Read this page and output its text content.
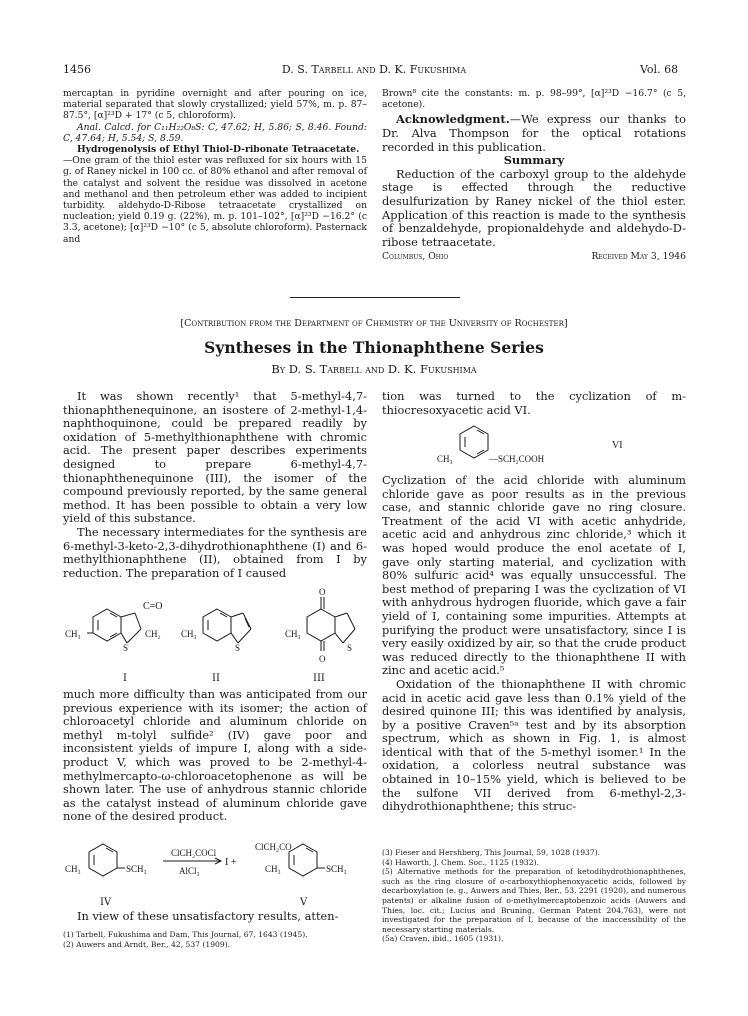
1456	D. S. Tarbell and D. K. Fukushima	Vol. 68

mercaptan in pyridine overnight and after pouring on ice, material separated that slowly crystallized; yield 57%, m. p. 87–87.5°, [α]²³D + 17° (c 5, chloroform).

Anal. Calcd. for C₁₁H₂₂O₈S: C, 47.62; H, 5.86; S, 8.46. Found: C, 47.64; H, 5.54; S, 8.59.

Hydrogenolysis of Ethyl Thiol-D-ribonate Tetraacetate.

—One gram of the thiol ester was refluxed for six hours with 15 g. of Raney nickel in 100 cc. of 80% ethanol and after removal of the catalyst and solvent the residue was dissolved in acetone and methanol and then petroleum ether was added to incipient turbidity. aldehydo-D-Ribose tetraacetate crystallized on nucleation; yield 0.19 g. (22%), m. p. 101–102°, [α]²³D −16.2° (c 3.3, acetone); [α]²³D −10° (c 5, absolute chloroform). Pasternack and

Brown⁸ cite the constants: m. p. 98–99°, [α]²³D −16.7° (c 5, acetone).

Acknowledgment.—We express our thanks to Dr. Alva Thompson for the optical rotations recorded in this publication.

Summary

Reduction of the carboxyl group to the aldehyde stage is effected through the reductive desulfurization by Raney nickel of the thiol ester. Application of this reaction is made to the synthesis of benzaldehyde, propionaldehyde and aldehydo-D-ribose tetraacetate.

Columbus, Ohio	Received May 3, 1946
[Contribution from the Department of Chemistry of the University of Rochester]
Syntheses in the Thionaphthene Series
By D. S. Tarbell and D. K. Fukushima

It was shown recently¹ that 5-methyl-4,7-thionaphthenequinone, an isostere of 2-methyl-1,4-naphthoquinone, could be prepared readily by oxidation of 5-methylthionaphthene with chromic acid. The present paper describes experiments designed to prepare 6-methyl-4,7-thionaphthenequinone (III), the isomer of the compound previously reported, by the same general method. It has been possible to obtain a very low yield of this substance.

The necessary intermediates for the synthesis are 6-methyl-3-keto-2,3-dihydrothionaphthene (I) and 6-methylthionaphthene (II), obtained from I by reduction. The preparation of I caused

C=O
CH₃
S
CH₂ CH₃
S
CH₃
O
O
S
I	II	III

much more difficulty than was anticipated from our previous experience with its isomer; the action of chloroacetyl chloride and aluminum chloride on methyl m-tolyl sulfide² (IV) gave poor and inconsistent yields of impure I, along with a side-product V, which was proved to be 2-methyl-4-methylmercapto-ω-chloroacetophenone as will be shown later. The use of anhydrous stannic chloride as the catalyst instead of aluminum chloride gave none of the desired product.

CH₃	SCH₃
ClCH₂COCl
AlCl₃
I +
ClCH₂CO
CH₃	SCH₃
IV	V

In view of these unsatisfactory results, atten-

(1) Tarbell, Fukushima and Dam, This Journal, 67, 1643 (1945).

(2) Auwers and Arndt, Ber., 42, 537 (1909).

tion was turned to the cyclization of m-thiocresoxyacetic acid VI.

CH₃	—SCH₂COOH
VI

Cyclization of the acid chloride with aluminum chloride gave as poor results as in the previous case, and stannic chloride gave no ring closure. Treatment of the acid VI with acetic anhydride, acetic acid and anhydrous zinc chloride,³ which it was hoped would produce the enol acetate of I, gave only starting material, and cyclization with 80% sulfuric acid⁴ was equally unsuccessful. The best method of preparing I was the cyclization of VI with anhydrous hydrogen fluoride, which gave a fair yield of I, containing some impurities. Attempts at purifying the product were unsatisfactory, since I is very easily oxidized by air, so that the crude product was reduced directly to the thionaphthene II with zinc and acetic acid.⁵

Oxidation of the thionaphthene II with chromic acid in acetic acid gave less than 0.1% yield of the desired quinone III; this was identified by analysis, by a positive Craven⁵ᵃ test and by its absorption spectrum, which as shown in Fig. 1, is almost identical with that of the 5-methyl isomer.¹ In the oxidation, a colorless neutral substance was obtained in 10–15% yield, which is believed to be the sulfone VII derived from 6-methyl-2,3-dihydrothionaphthene; this struc-

(3) Fieser and Hershberg, This Journal, 59, 1028 (1937).

(4) Haworth, J. Chem. Soc., 1125 (1932).

(5) Alternative methods for the preparation of ketodihydrothionaphthenes, such as the ring closure of o-carboxythiophenoxyacetic acids, followed by decarboxylation (e. g., Auwers and Thies, Ber., 53, 2291 (1920), and numerous patents) or alkaline fusion of o-methylmercaptobenzoic acids (Auwers and Thies, loc. cit.; Lucius and Bruning, German Patent 204,763), were not investigated for the preparation of I, because of the inaccessibility of the necessary starting materials.

(5a) Craven, ibid., 1605 (1931).
